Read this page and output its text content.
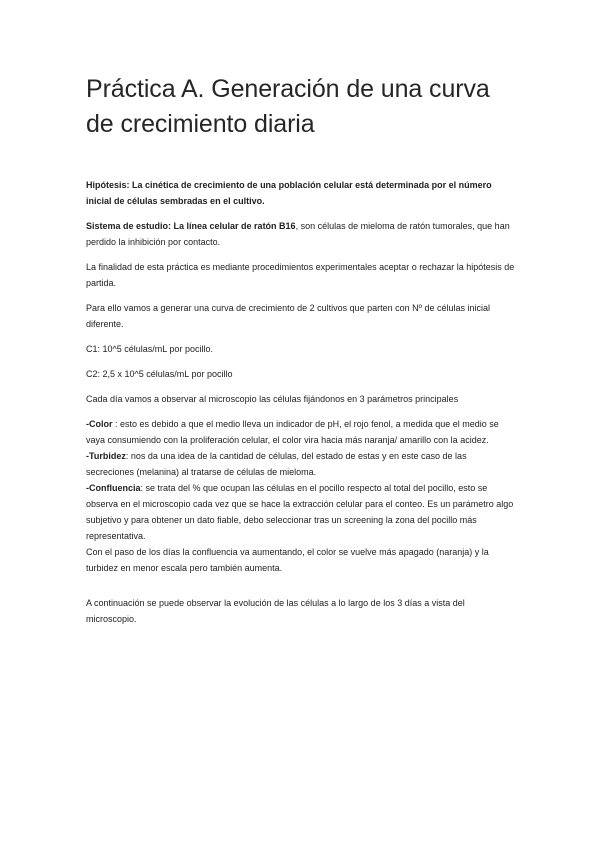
Práctica A. Generación de una curva de crecimiento diaria

Hipótesis: La cinética de crecimiento de una población celular está determinada por el número inicial de células sembradas en el cultivo.

Sistema de estudio: La línea celular de ratón B16, son células de mieloma de ratón tumorales, que han perdido la inhibición por contacto.

La finalidad de esta práctica es mediante procedimientos experimentales aceptar o rechazar la hipótesis de partida.

Para ello vamos a generar una curva de crecimiento de 2 cultivos que parten con Nº de células inicial diferente.

C1: 10^5 células/mL por pocillo.

C2: 2,5 x 10^5 células/mL por pocillo

Cada día vamos a observar al microscopio las células fijándonos en 3 parámetros principales

-Color : esto es debido a que el medio lleva un indicador de pH, el rojo fenol, a medida que el medio se vaya consumiendo con la proliferación celular, el color vira hacia más naranja/ amarillo con la acidez.

-Turbidez: nos da una idea de la cantidad de células, del estado de estas y en este caso de las secreciones (melanina) al tratarse de células de mieloma.

-Confluencia: se trata del % que ocupan las células en el pocillo respecto al total del pocillo, esto se observa en el microscopio cada vez que se hace la extracción celular para el conteo. Es un parámetro algo subjetivo y para obtener un dato fiable, debo seleccionar tras un screening la zona del pocillo más representativa.

Con el paso de los días la confluencia va aumentando, el color se vuelve más apagado (naranja) y la turbidez en menor escala pero también aumenta.

A continuación se puede observar la evolución de las células a lo largo de los 3 días a vista del microscopio.
